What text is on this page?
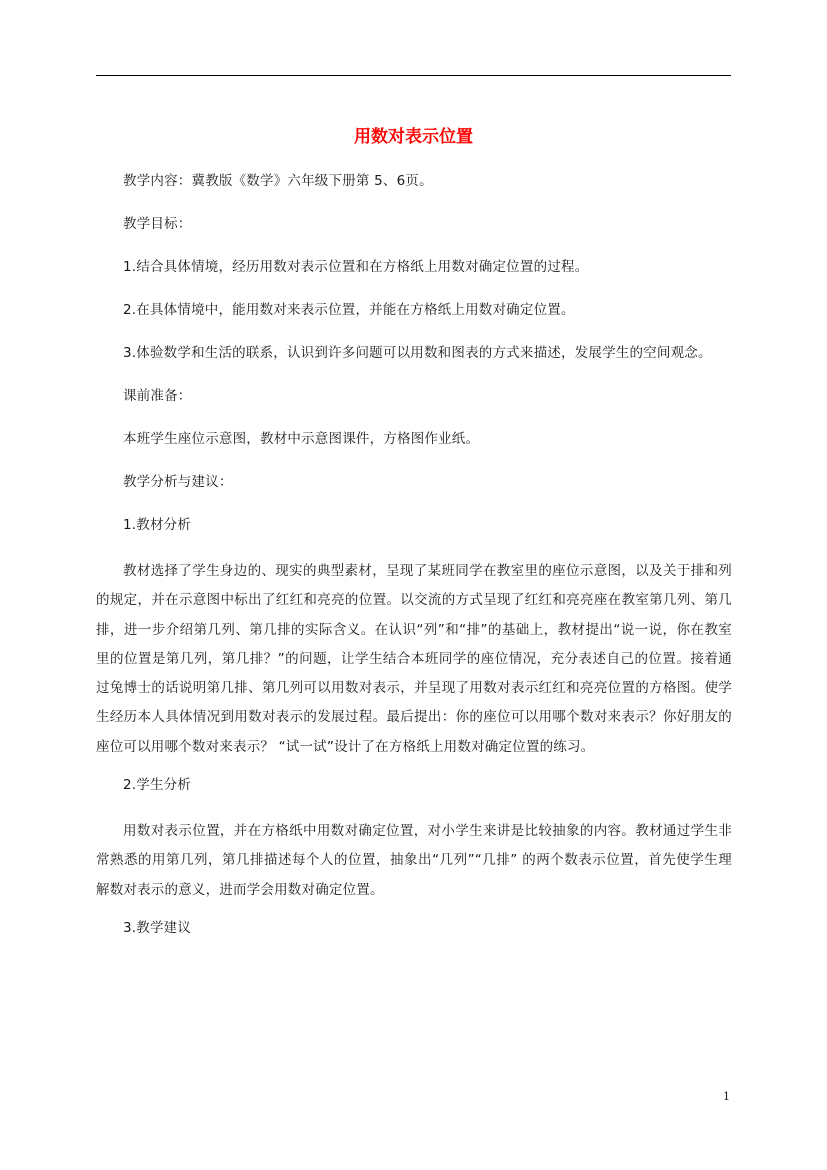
用数对表示位置

教学内容：冀教版《数学》六年级下册第 5、6页。

教学目标：

1.结合具体情境，经历用数对表示位置和在方格纸上用数对确定位置的过程。

2.在具体情境中，能用数对来表示位置，并能在方格纸上用数对确定位置。

3.体验数学和生活的联系，认识到许多问题可以用数和图表的方式来描述，发展学生的空间观念。

课前准备：

本班学生座位示意图，教材中示意图课件，方格图作业纸。

教学分析与建议：

1.教材分析

教材选择了学生身边的、现实的典型素材，呈现了某班同学在教室里的座位示意图，以及关于排和列的规定，并在示意图中标出了红红和亮亮的位置。以交流的方式呈现了红红和亮亮座在教室第几列、第几排，进一步介绍第几列、第几排的实际含义。在认识“列”和“排”的基础上，教材提出“说一说，你在教室里的位置是第几列，第几排？”的问题，让学生结合本班同学的座位情况，充分表述自己的位置。接着通过兔博士的话说明第几排、第几列可以用数对表示，并呈现了用数对表示红红和亮亮位置的方格图。使学生经历本人具体情况到用数对表示的发展过程。最后提出：你的座位可以用哪个数对来表示？你好朋友的座位可以用哪个数对来表示？ “试一试”设计了在方格纸上用数对确定位置的练习。

2.学生分析

用数对表示位置，并在方格纸中用数对确定位置，对小学生来讲是比较抽象的内容。教材通过学生非常熟悉的用第几列，第几排描述每个人的位置，抽象出“几列”“几排” 的两个数表示位置，首先使学生理解数对表示的意义，进而学会用数对确定位置。

3.教学建议

1
